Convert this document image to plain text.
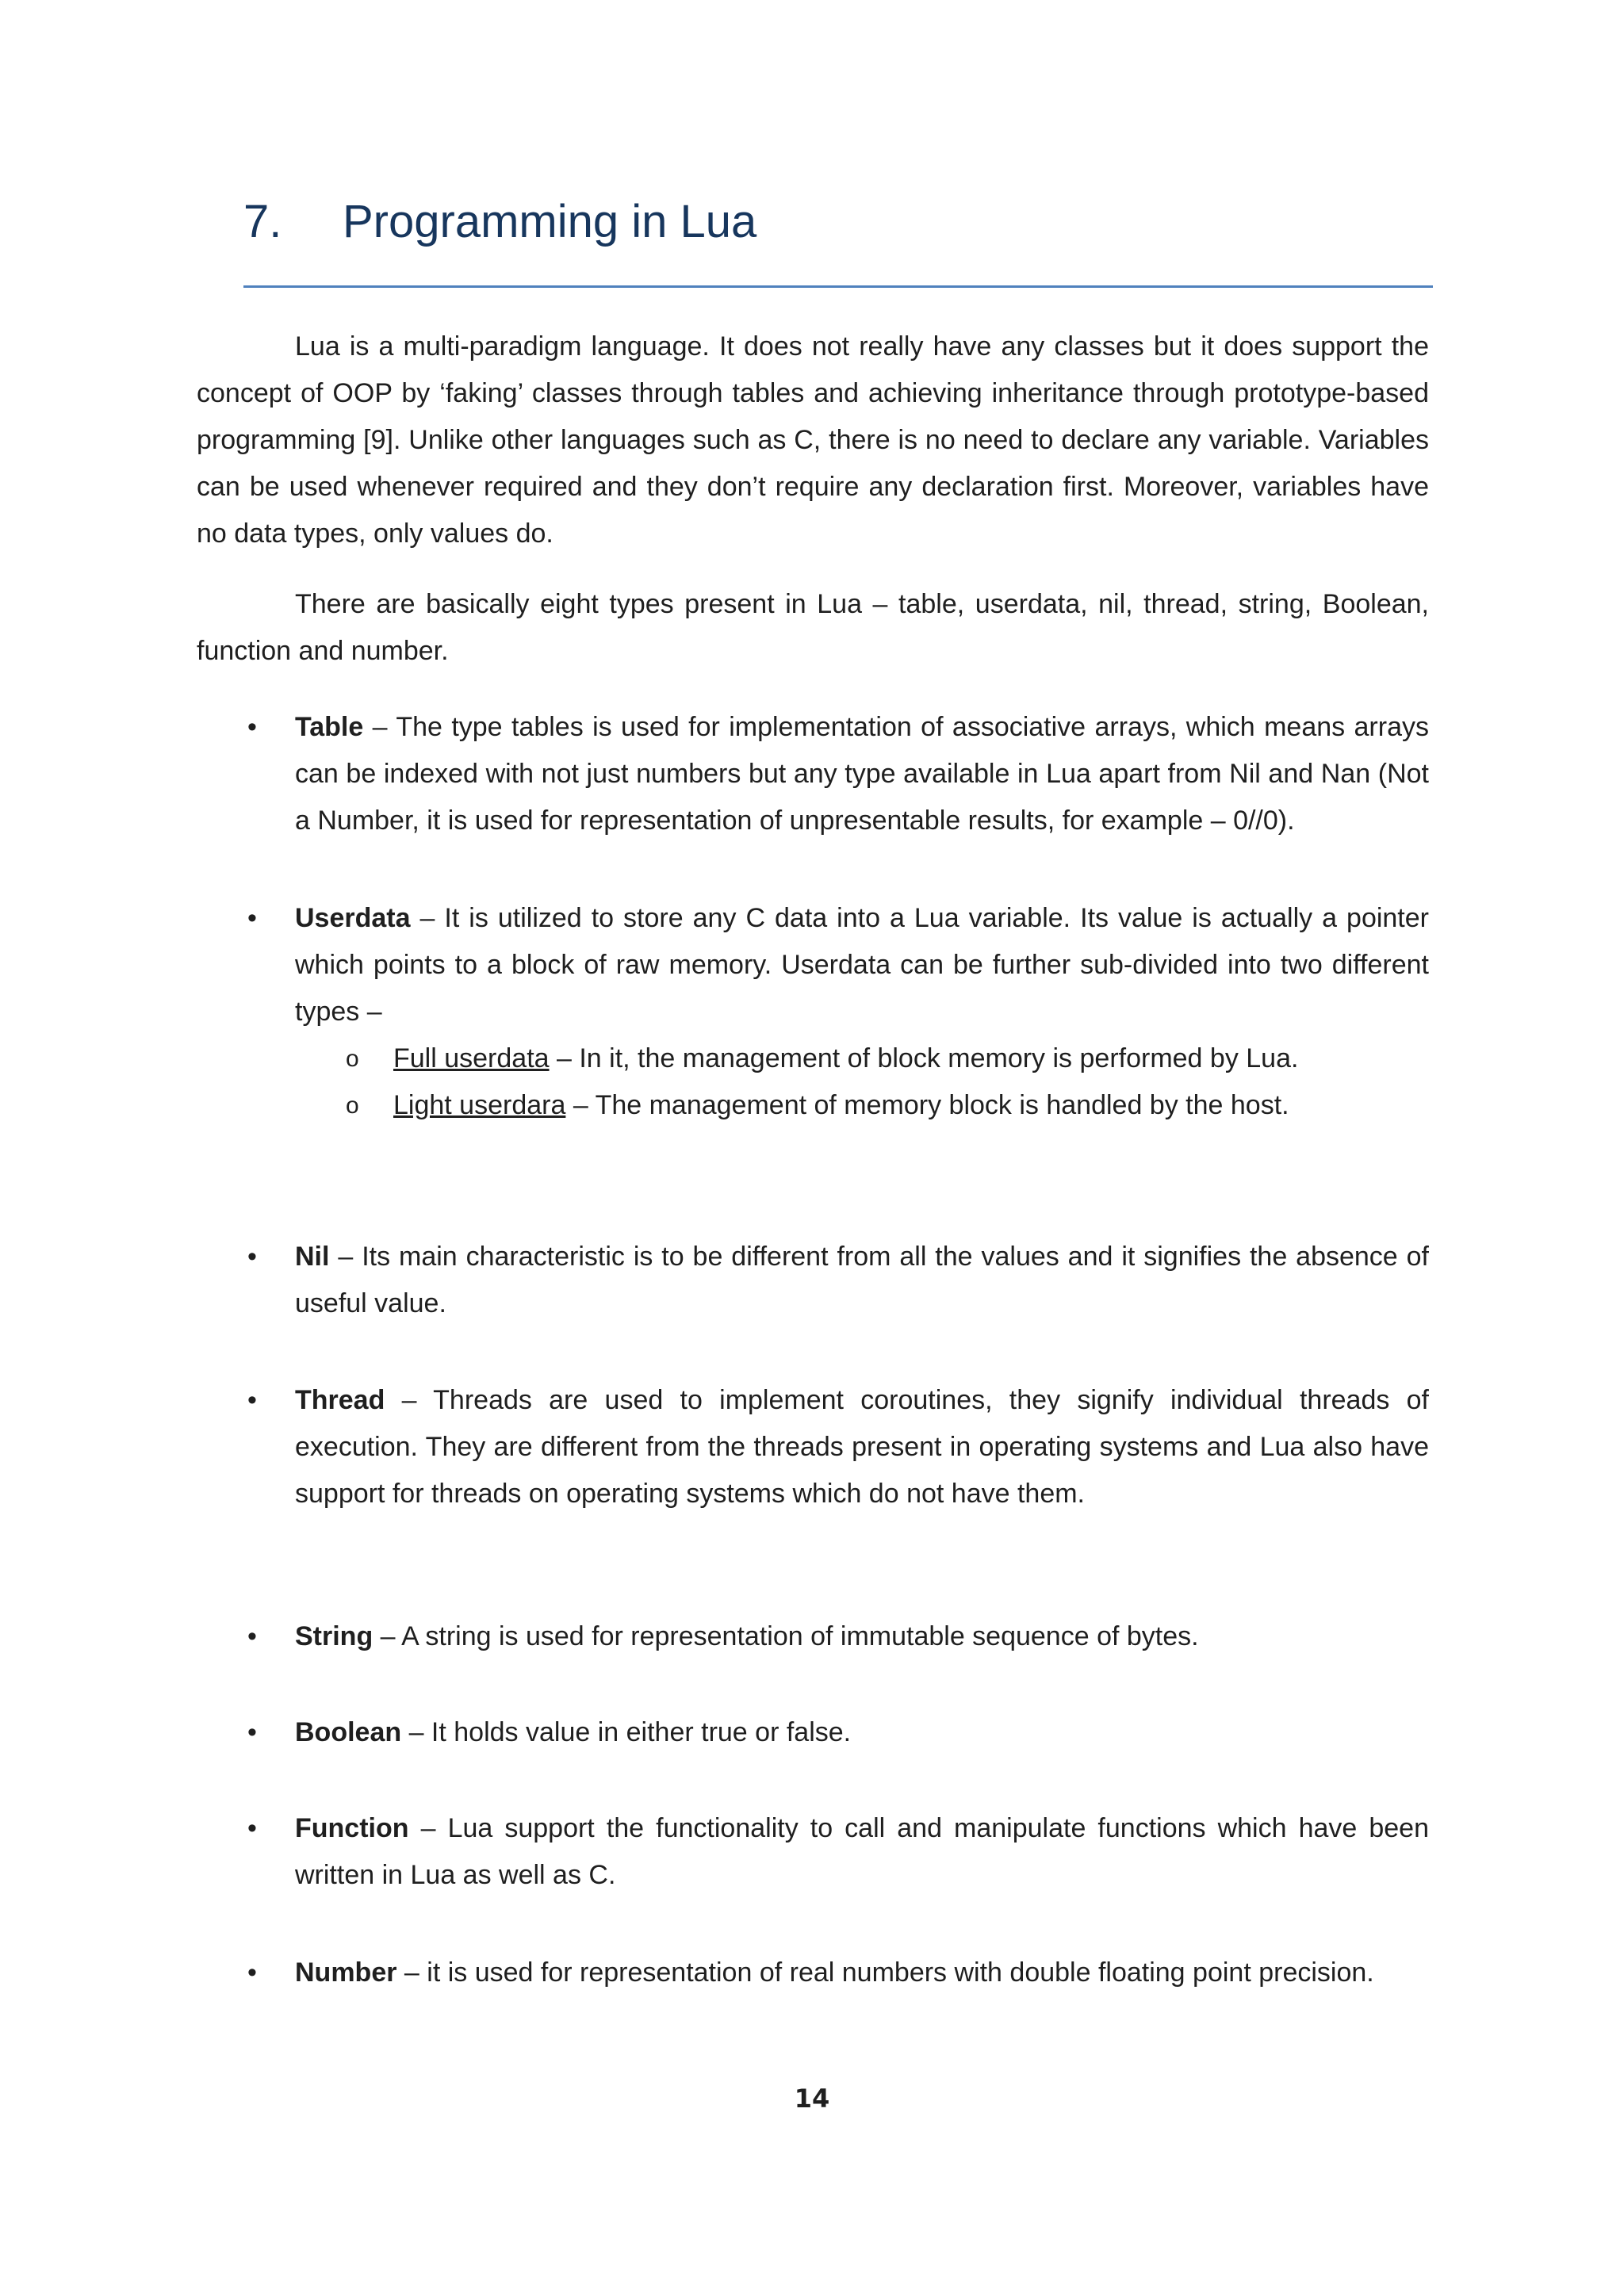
7. Programming in Lua

Lua is a multi-paradigm language. It does not really have any classes but it does support the concept of OOP by ‘faking’ classes through tables and achieving inheritance through prototype-based programming [9]. Unlike other languages such as C, there is no need to declare any variable. Variables can be used whenever required and they don’t require any declaration first. Moreover, variables have no data types, only values do.

There are basically eight types present in Lua – table, userdata, nil, thread, string, Boolean, function and number.

• Table – The type tables is used for implementation of associative arrays, which means arrays can be indexed with not just numbers but any type available in Lua apart from Nil and Nan (Not a Number, it is used for representation of unpresentable results, for example – 0//0).
• Userdata – It is utilized to store any C data into a Lua variable. Its value is actually a pointer which points to a block of raw memory. Userdata can be further sub-divided into two different types –
o Full userdata – In it, the management of block memory is performed by Lua.
o Light userdara – The management of memory block is handled by the host.
• Nil – Its main characteristic is to be different from all the values and it signifies the absence of useful value.
• Thread – Threads are used to implement coroutines, they signify individual threads of execution. They are different from the threads present in operating systems and Lua also have support for threads on operating systems which do not have them.
• String – A string is used for representation of immutable sequence of bytes.
• Boolean – It holds value in either true or false.
• Function – Lua support the functionality to call and manipulate functions which have been written in Lua as well as C.
• Number – it is used for representation of real numbers with double floating point precision.
14
